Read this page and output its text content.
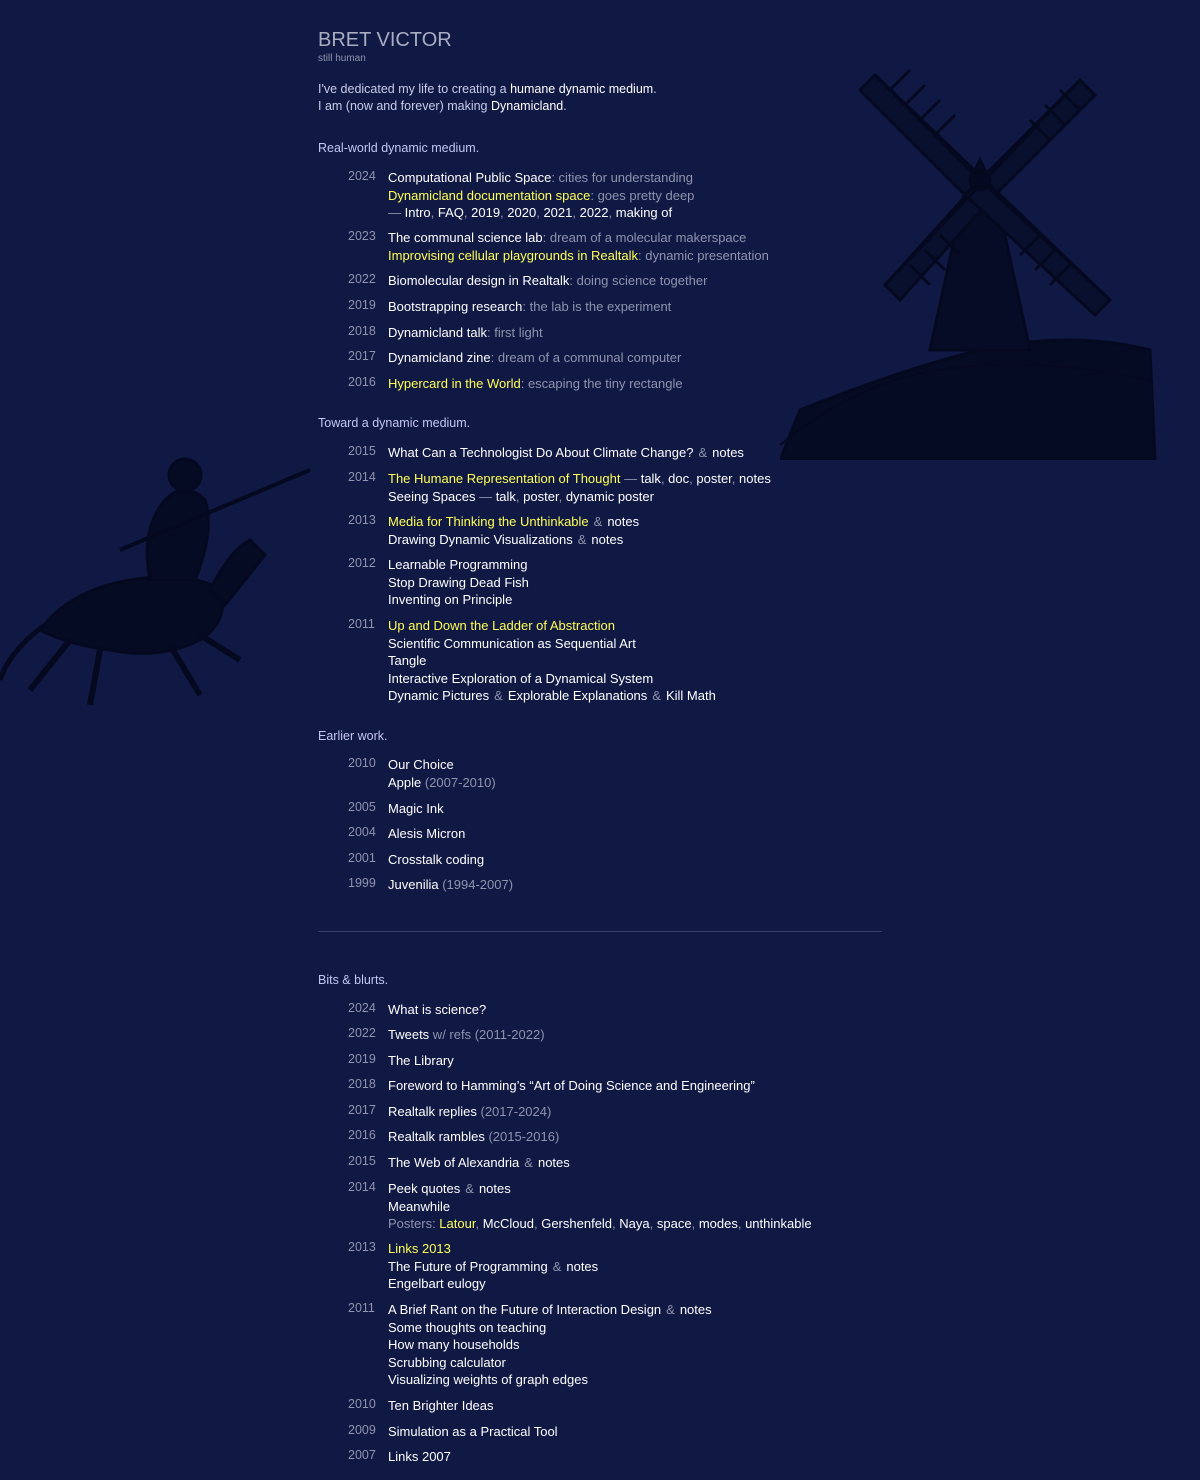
BRET VICTOR
still human
I've dedicated my life to creating a humane dynamic medium.
I am (now and forever) making Dynamicland.
Real-world dynamic medium.
2024 Computational Public Space: cities for understanding
Dynamicland documentation space: goes pretty deep
— Intro, FAQ, 2019, 2020, 2021, 2022, making of
2023 The communal science lab: dream of a molecular makerspace
Improvising cellular playgrounds in Realtalk: dynamic presentation
2022 Biomolecular design in Realtalk: doing science together
2019 Bootstrapping research: the lab is the experiment
2018 Dynamicland talk: first light
2017 Dynamicland zine: dream of a communal computer
2016 Hypercard in the World: escaping the tiny rectangle
Toward a dynamic medium.
2015 What Can a Technologist Do About Climate Change? & notes
2014 The Humane Representation of Thought — talk, doc, poster, notes
Seeing Spaces — talk, poster, dynamic poster
2013 Media for Thinking the Unthinkable & notes
Drawing Dynamic Visualizations & notes
2012 Learnable Programming
Stop Drawing Dead Fish
Inventing on Principle
2011	Up and Down the Ladder of Abstraction
Scientific Communication as Sequential Art
Tangle
Interactive Exploration of a Dynamical System
Dynamic Pictures & Explorable Explanations & Kill Math
Earlier work.
2010 Our Choice
Apple (2007-2010)
2005 Magic Ink
2004 Alesis Micron
2001 Crosstalk coding
1999 Juvenilia (1994-2007)
Bits & blurts.
2024 What is science?
2022 Tweets w/ refs (2011-2022)
2019 The Library
2018 Foreword to Hamming’s “Art of Doing Science and Engineering”
2017 Realtalk replies (2017-2024)
2016 Realtalk rambles (2015-2016)
2015 The Web of Alexandria & notes
2014 Peek quotes & notes
Meanwhile
Posters: Latour, McCloud, Gershenfeld, Naya, space, modes, unthinkable
2013 Links 2013
The Future of Programming & notes
Engelbart eulogy
2011	A Brief Rant on the Future of Interaction Design & notes
Some thoughts on teaching
How many households
Scrubbing calculator
Visualizing weights of graph edges
2010 Ten Brighter Ideas
2009 Simulation as a Practical Tool
2007 Links 2007
